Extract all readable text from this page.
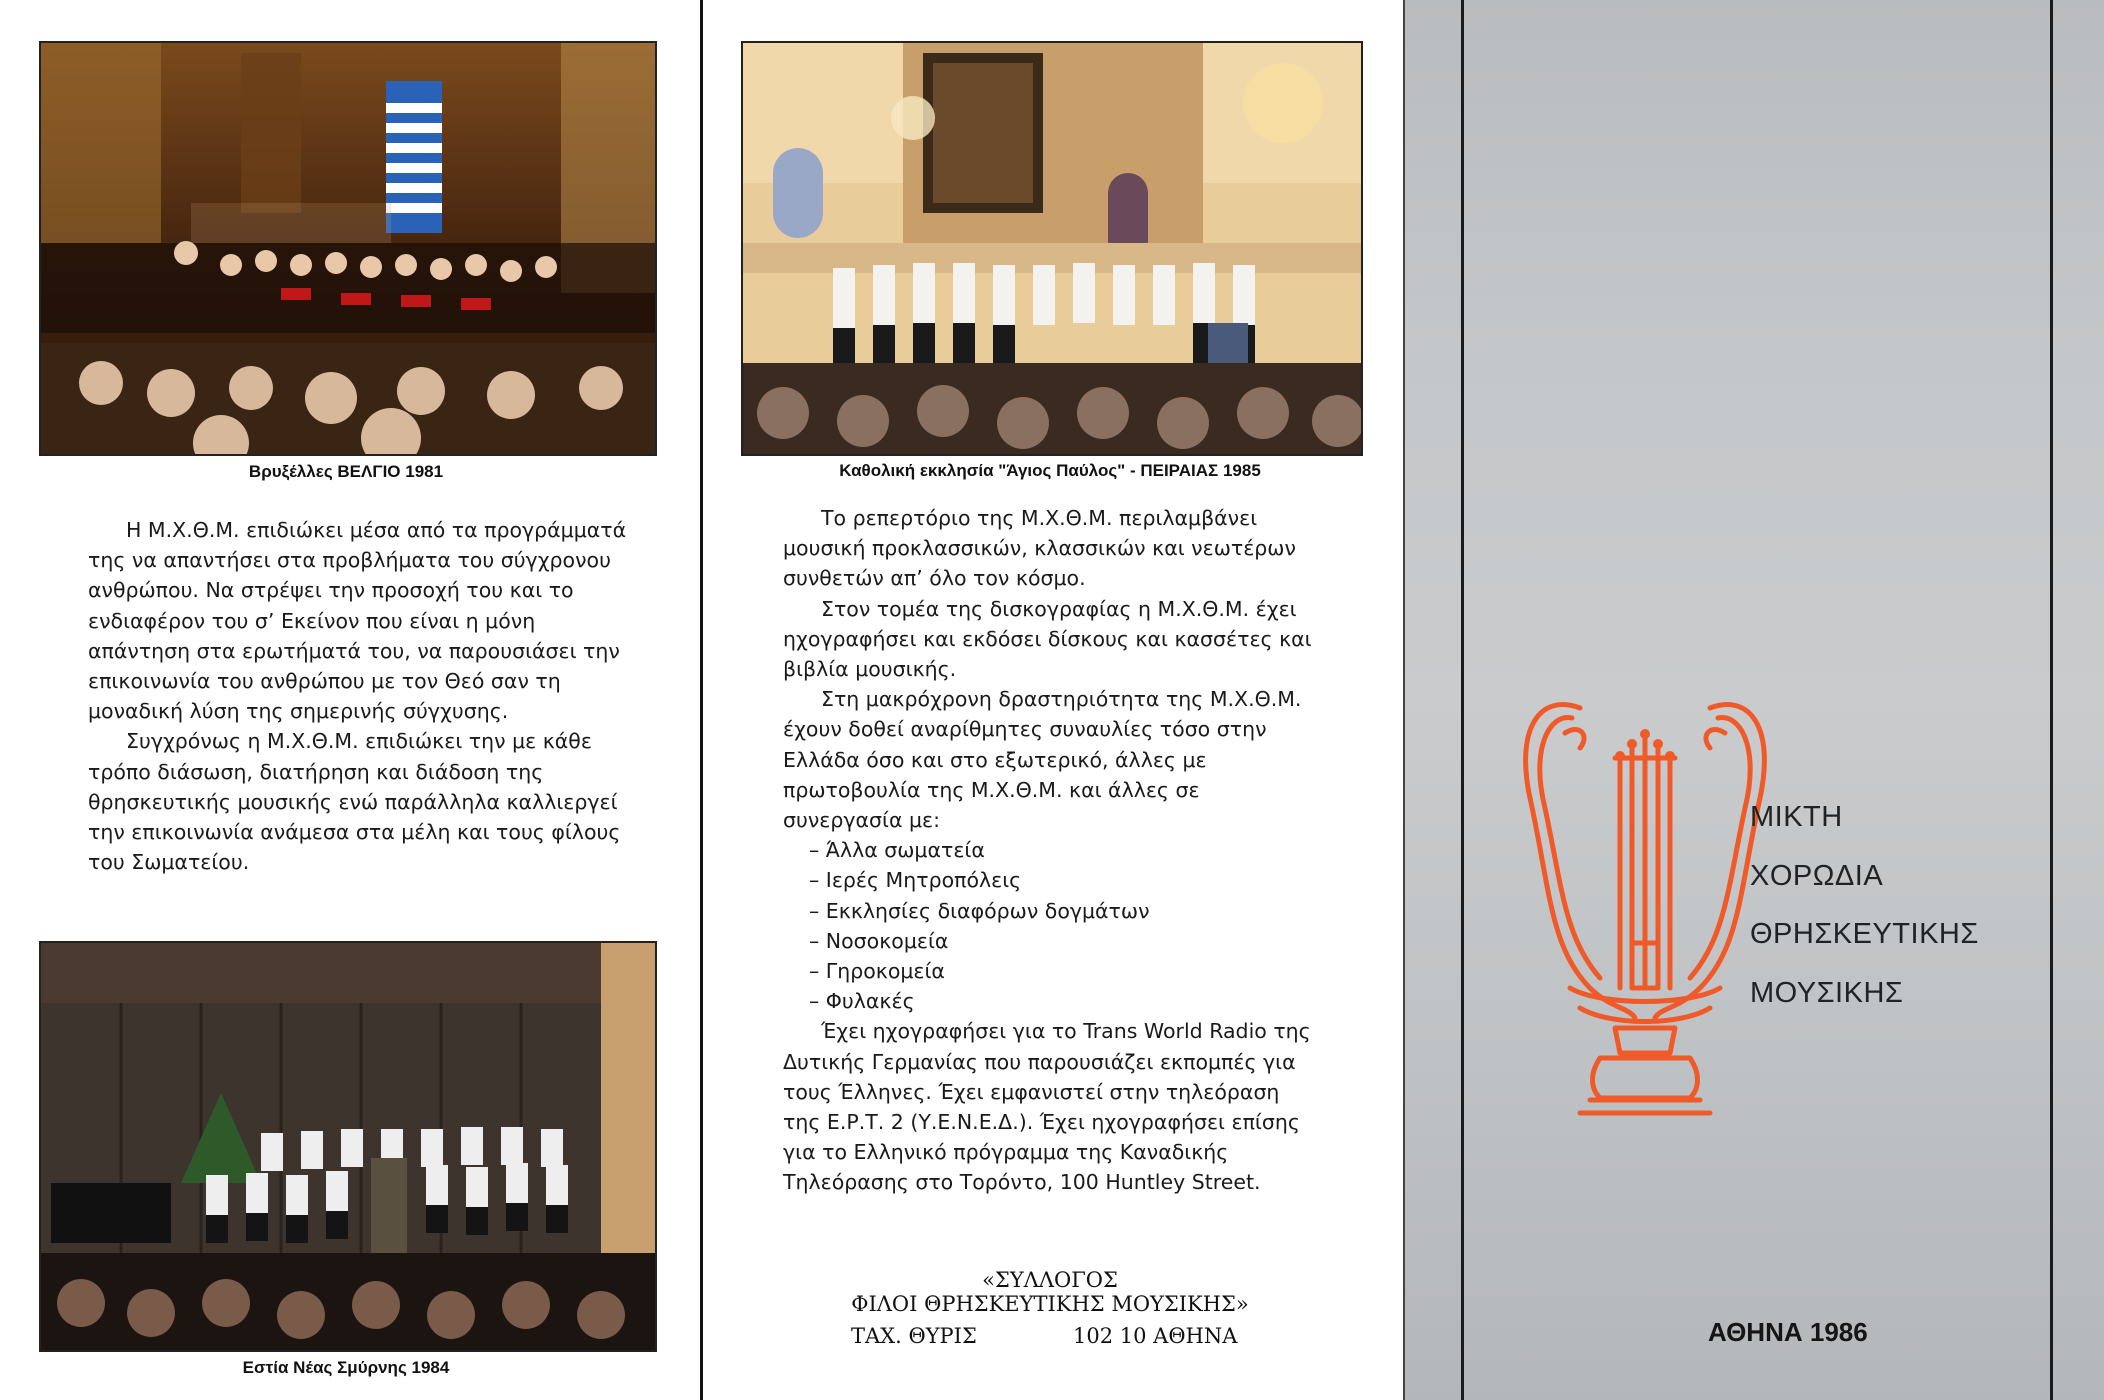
Βρυξέλλες ΒΕΛΓΙΟ 1981

Η Μ.Χ.Θ.Μ. επιδιώκει μέσα από τα προγράμματά της να απαντήσει στα προβλήματα του σύγχρονου ανθρώπου. Να στρέψει την προσοχή του και το ενδιαφέρον του σ’ Εκείνον που είναι η μόνη απάντηση στα ερωτήματά του, να παρουσιάσει την επικοινωνία του ανθρώπου με τον Θεό σαν τη μοναδική λύση της σημερινής σύγχυσης.

Συγχρόνως η Μ.Χ.Θ.Μ. επιδιώκει την με κάθε τρόπο διάσωση, διατήρηση και διάδοση της θρησκευτικής μουσικής ενώ παράλληλα καλλιεργεί την επικοινωνία ανάμεσα στα μέλη και τους φίλους του Σωματείου.

Εστία Νέας Σμύρνης 1984
Καθολική εκκλησία "Άγιος Παύλος" - ΠΕΙΡΑΙΑΣ 1985

Το ρεπερτόριο της Μ.Χ.Θ.Μ. περιλαμβάνει μουσική προκλασσικών, κλασσικών και νεωτέρων συνθετών απ’ όλο τον κόσμο.

Στον τομέα της δισκογραφίας η Μ.Χ.Θ.Μ. έχει ηχογραφήσει και εκδόσει δίσκους και κασσέτες και βιβλία μουσικής.

Στη μακρόχρονη δραστηριότητα της Μ.Χ.Θ.Μ. έχουν δοθεί αναρίθμητες συναυλίες τόσο στην Ελλάδα όσο και στο εξωτερικό, άλλες με πρωτοβουλία της Μ.Χ.Θ.Μ. και άλλες σε συνεργασία με:

– Άλλα σωματεία
– Ιερές Μητροπόλεις
– Εκκλησίες διαφόρων δογμάτων
– Νοσοκομεία
– Γηροκομεία
– Φυλακές

Έχει ηχογραφήσει για το Trans World Radio της Δυτικής Γερμανίας που παρουσιάζει εκπομπές για τους Έλληνες. Έχει εμφανιστεί στην τηλεόραση της Ε.Ρ.Τ. 2 (Υ.Ε.Ν.Ε.Δ.). Έχει ηχογραφήσει επίσης για το Ελληνικό πρόγραμμα της Καναδικής Τηλεόρασης στο Τορόντο, 100 Huntley Street.

«ΣΥΛΛΟΓΟΣ
ΦΙΛΟΙ ΘΡΗΣΚΕΥΤΙΚΗΣ ΜΟΥΣΙΚΗΣ»
ΤΑΧ. ΘΥΡΙΣ	102 10 ΑΘΗΝΑ
ΜΙΚΤΗ
ΧΟΡΩΔΙΑ
ΘΡΗΣΚΕΥΤΙΚΗΣ
ΜΟΥΣΙΚΗΣ
ΑΘΗΝΑ 1986
